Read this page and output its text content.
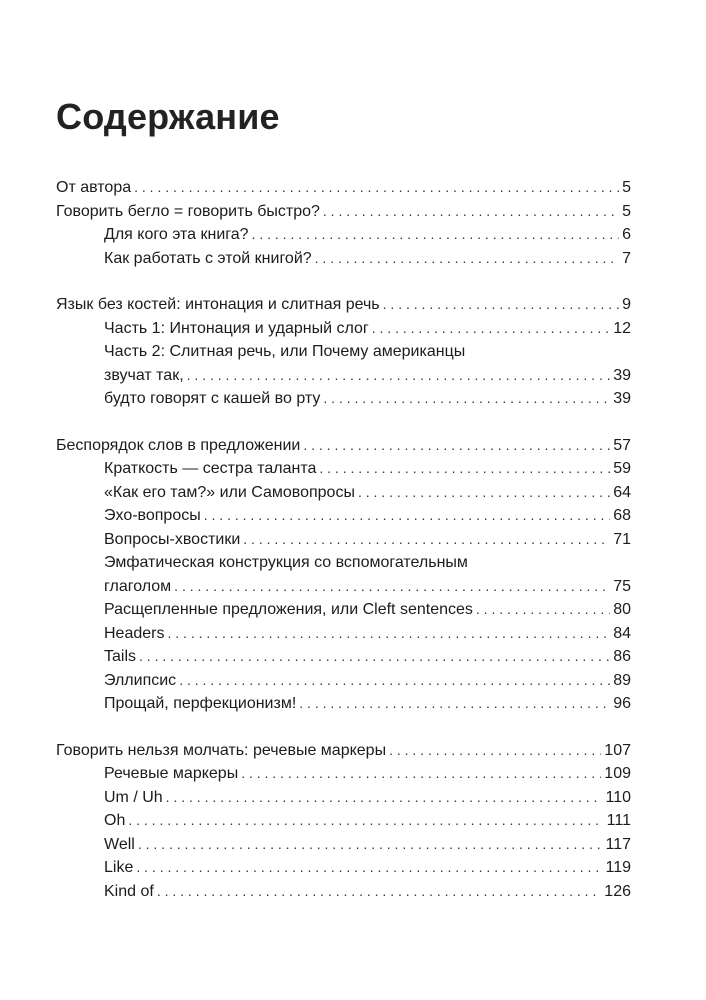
Содержание
От автора . . .	5
Говорить бегло = говорить быстро? . . .	5
Для кого эта книга? . . .	6
Как работать с этой книгой? . . .	7
Язык без костей: интонация и слитная речь . . .	9
Часть 1: Интонация и ударный слог . . .	12
Часть 2: Слитная речь, или Почему американцы
звучат так, . . .	39
будто говорят с кашей во рту . . .	39
Беспорядок слов в предложении . . .	57
Краткость — сестра таланта . . .	59
«Как его там?» или Самовопросы . . .	64
Эхо-вопросы . . .	68
Вопросы-хвостики . . .	71
Эмфатическая конструкция со вспомогательным
глаголом . . .	75
Расщепленные предложения, или Cleft sentences . . .	80
Headers . . .	84
Tails . . .	86
Эллипсис . . .	89
Прощай, перфекционизм! . . .	96
Говорить нельзя молчать: речевые маркеры . . .	107
Речевые маркеры . . .	109
Um / Uh . . .	110
Oh . . .	111
Well . . .	117
Like . . .	119
Kind of . . .	126
